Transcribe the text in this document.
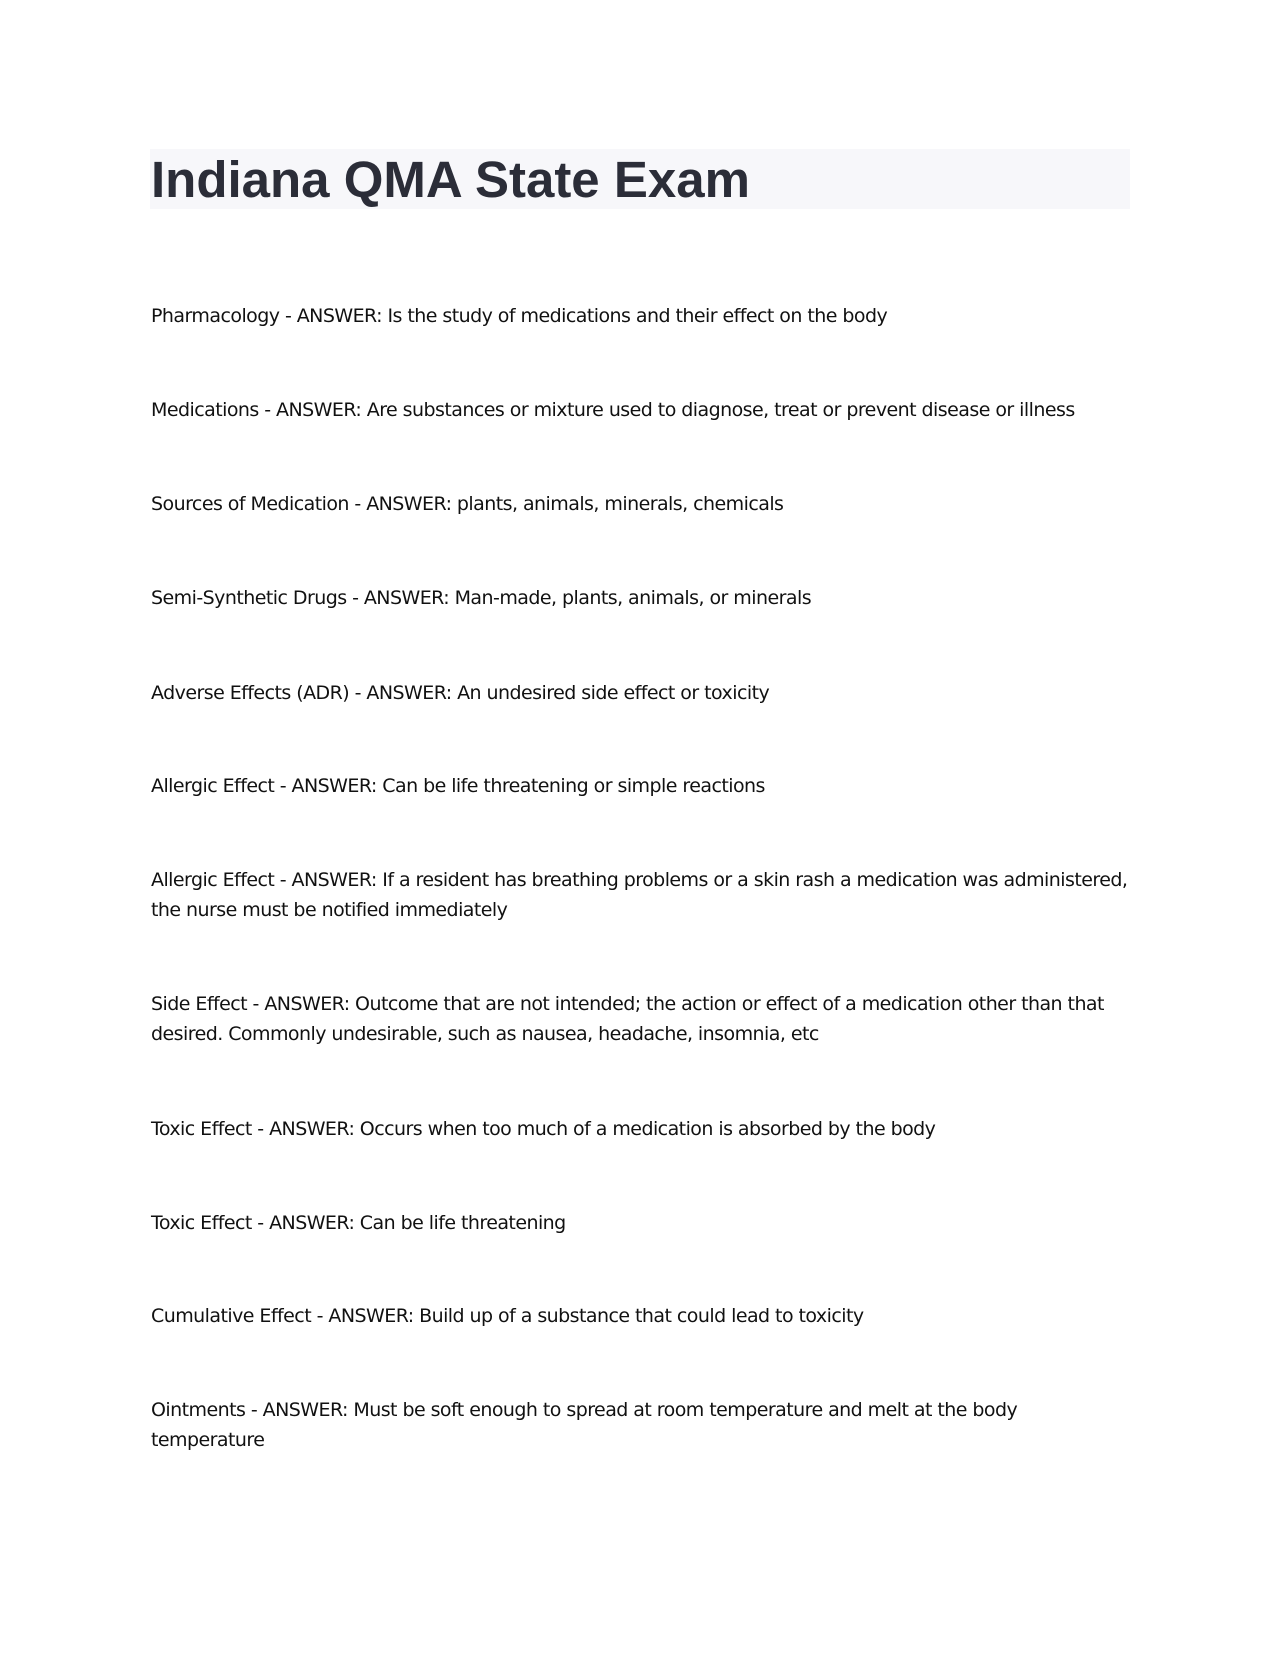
Indiana QMA State Exam

Pharmacology - ANSWER: Is the study of medications and their effect on the body

Medications - ANSWER: Are substances or mixture used to diagnose, treat or prevent disease or illness

Sources of Medication - ANSWER: plants, animals, minerals, chemicals

Semi-Synthetic Drugs - ANSWER: Man-made, plants, animals, or minerals

Adverse Effects (ADR) - ANSWER: An undesired side effect or toxicity

Allergic Effect - ANSWER: Can be life threatening or simple reactions

Allergic Effect - ANSWER: If a resident has breathing problems or a skin rash a medication was administered, the nurse must be notified immediately

Side Effect - ANSWER: Outcome that are not intended; the action or effect of a medication other than that desired. Commonly undesirable, such as nausea, headache, insomnia, etc

Toxic Effect - ANSWER: Occurs when too much of a medication is absorbed by the body

Toxic Effect - ANSWER: Can be life threatening

Cumulative Effect - ANSWER: Build up of a substance that could lead to toxicity

Ointments - ANSWER: Must be soft enough to spread at room temperature and melt at the body temperature
